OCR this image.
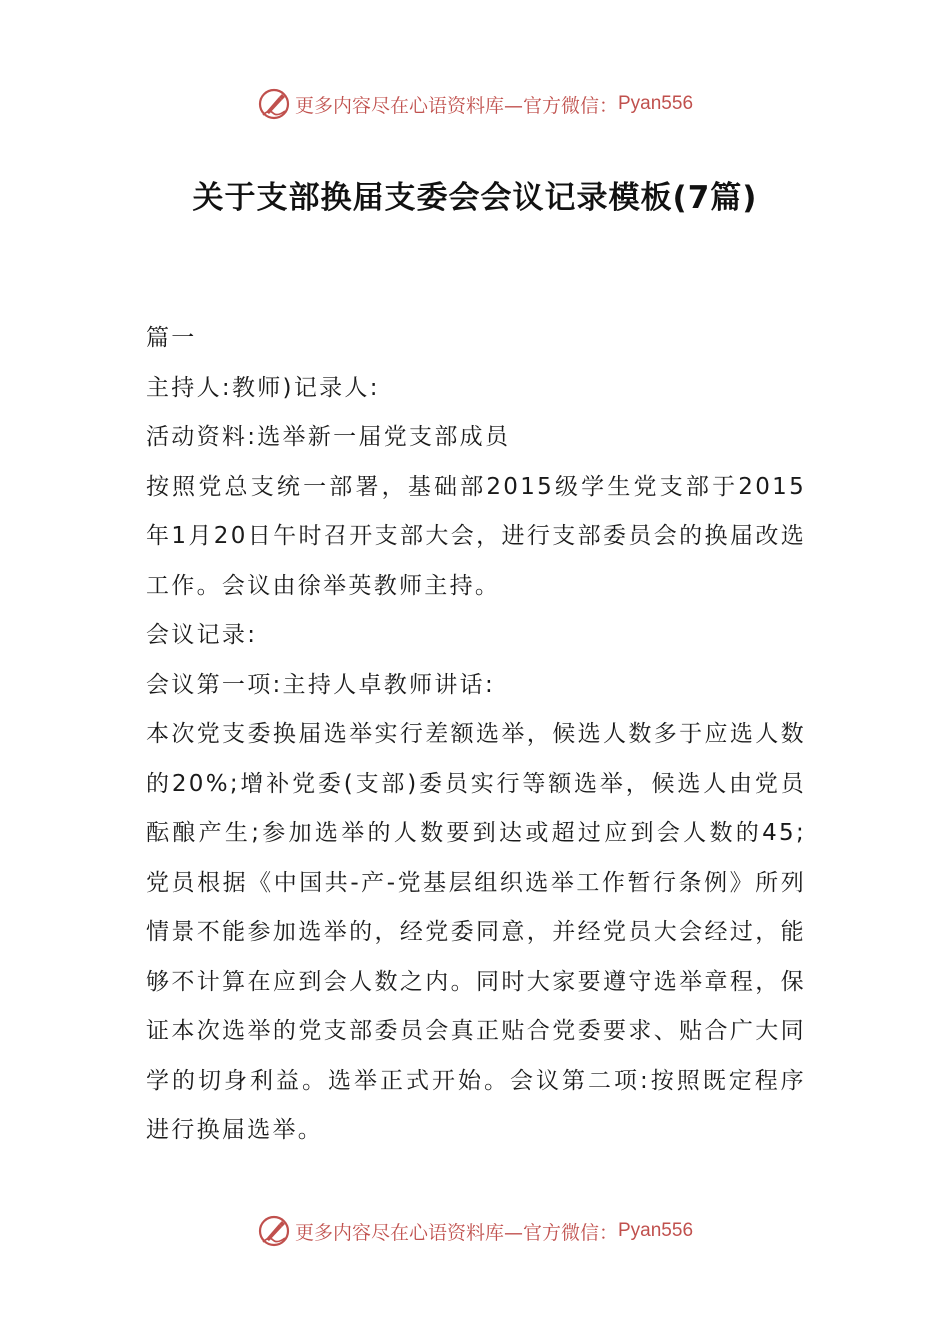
更多内容尽在心语资料库—官方微信： Pyan556
关于支部换届支委会会议记录模板(7篇)

篇一

主持人:教师)记录人:

活动资料:选举新一届党支部成员

按照党总支统一部署，基础部2015级学生党支部于2015年1月20日午时召开支部大会，进行支部委员会的换届改选工作。会议由徐举英教师主持。

会议记录:

会议第一项:主持人卓教师讲话:

本次党支委换届选举实行差额选举，候选人数多于应选人数的20%;增补党委(支部)委员实行等额选举，候选人由党员酝酿产生;参加选举的人数要到达或超过应到会人数的45;党员根据《中国共-产-党基层组织选举工作暂行条例》所列情景不能参加选举的，经党委同意，并经党员大会经过，能够不计算在应到会人数之内。同时大家要遵守选举章程，保证本次选举的党支部委员会真正贴合党委要求、贴合广大同学的切身利益。选举正式开始。会议第二项:按照既定程序进行换届选举。

更多内容尽在心语资料库—官方微信： Pyan556
